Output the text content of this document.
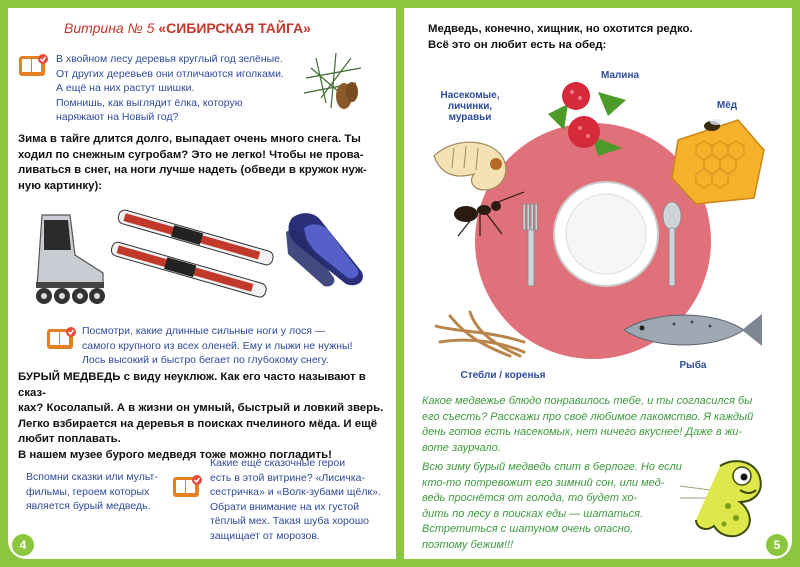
Витрина № 5 «СИБИРСКАЯ ТАЙГА»

В хвойном лесу деревья круглый год зелёные.
От других деревьев они отличаются иголками.
А ещё на них растут шишки.
Помнишь, как выглядит ёлка, которую
наряжают на Новый год?
Зима в тайге длится долго, выпадает очень много снега. Ты
ходил по снежным сугробам? Это не легко! Чтобы не прова-
ливаться в снег, на ноги лучше надеть (обведи в кружок нуж-
ную картинку):
Посмотри, какие длинные сильные ноги у лося —
самого крупного из всех оленей. Ему и лыжи не нужны!
Лось высокий и быстро бегает по глубокому снегу.
БУРЫЙ МЕДВЕДЬ с виду неуклюж. Как его часто называют в сказ-
ках? Косолапый. А в жизни он умный, быстрый и ловкий зверь.
Легко взбирается на деревья в поисках пчелиного мёда. И ещё
любит поплавать.
В нашем музее бурого медведя тоже можно погладить!
Вспомни сказки или мульт-
фильмы, героем которых
является бурый медведь.
Какие ещё сказочные герои
есть в этой витрине? «Лисичка-
сестричка» и «Волк-зубами щёлк».
Обрати внимание на их густой
тёплый мех. Такая шуба хорошо
защищает от морозов.
4
Медведь, конечно, хищник, но охотится редко.
Всё это он любит есть на обед:
Насекомые,
личинки,
муравьи
Малина
Мёд
Рыба
Стебли / коренья
Какое медвежье блюдо понравилось тебе, и ты согласился бы
его съесть? Расскажи про своё любимое лакомство. Я каждый
день готов есть насекомых, нет ничего вкуснее! Даже в жи-
воте заурчало.
Всю зиму бурый медведь спит в берлоге. Но если
кто-то потревожит его зимний сон, или мед-
ведь проснётся от голода, то будет хо-
дить по лесу в поисках еды — шататься.
Встретиться с шатуном очень опасно,
поэтому бежим!!!	5
